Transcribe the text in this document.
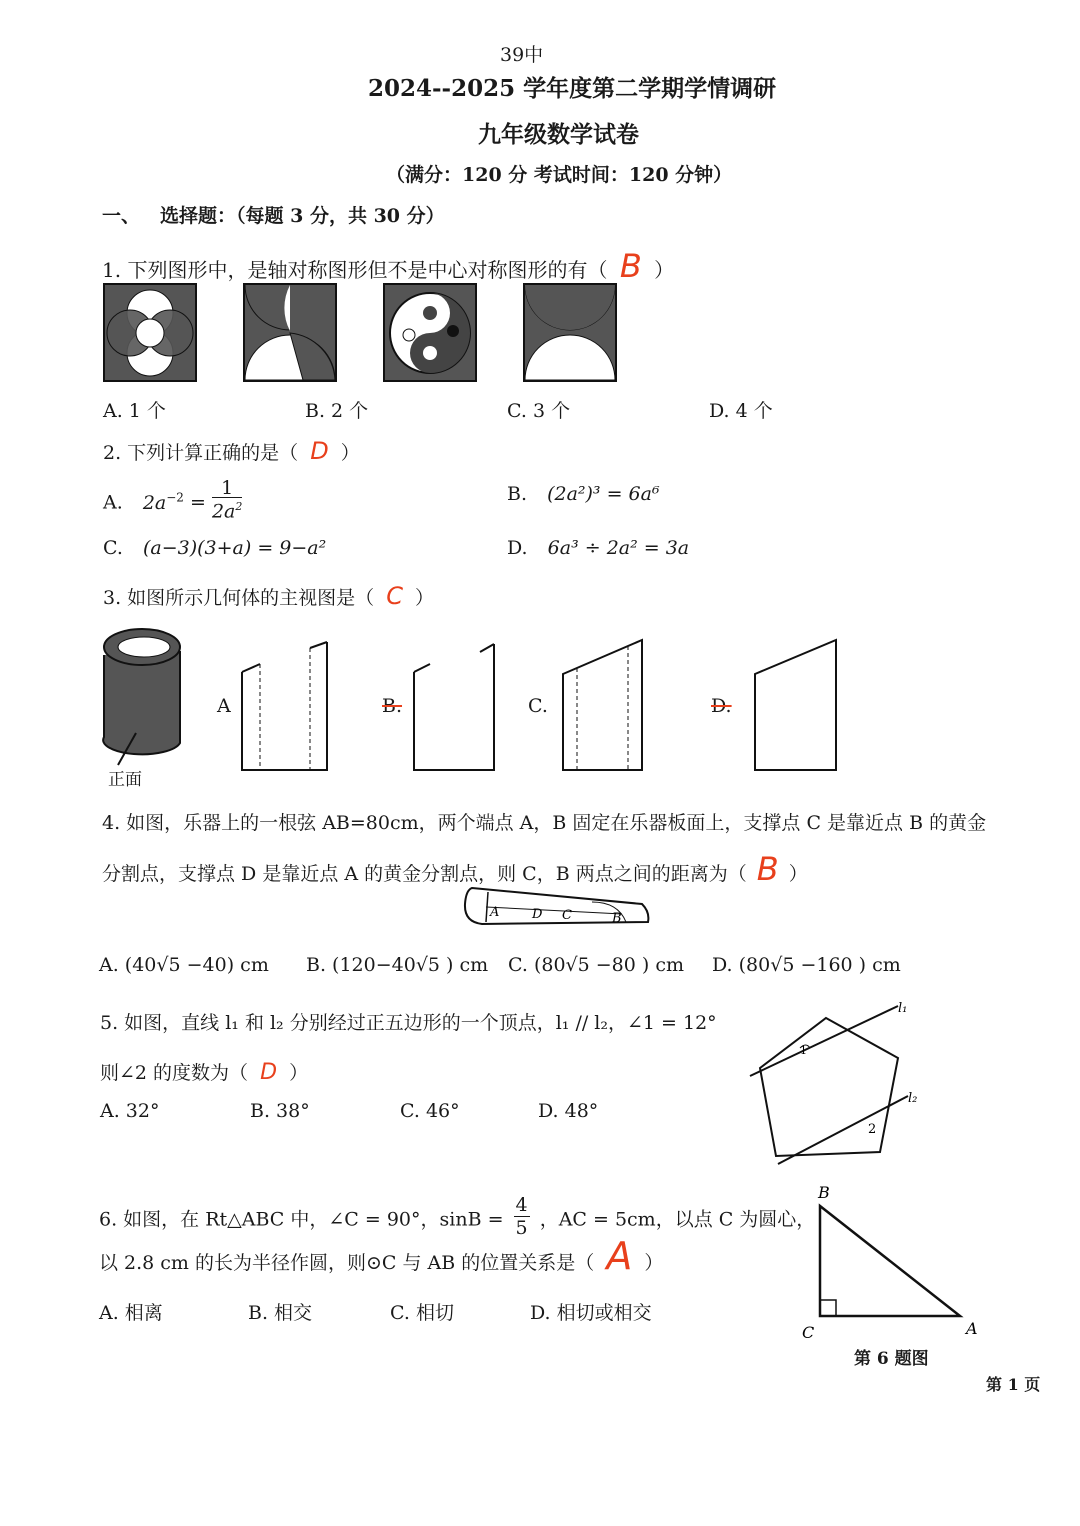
39中
2024--2025 学年度第二学期学情调研
九年级数学试卷
（满分：120 分 考试时间：120 分钟）
一、 选择题：（每题 3 分，共 30 分）
1. 下列图形中，是轴对称图形但不是中心对称图形的有（ B ）
A. 1 个	B. 2 个	C. 3 个	D. 4 个
2. 下列计算正确的是（ D ）
A. $2a^{-2} = \frac{1}{2a^2}$	B. (2a²)³ = 6a⁶
C. (a−3)(3+a) = 9−a²	D. 6a³ ÷ 2a² = 3a
3. 如图所示几何体的主视图是（ C ）
正面
A	B.	C.	D.
4. 如图，乐器上的一根弦 AB=80cm，两个端点 A，B 固定在乐器板面上，支撑点 C 是靠近点 B 的黄金
分割点，支撑点 D 是靠近点 A 的黄金分割点，则 C，B 两点之间的距离为（ B ）
A	D C	B
A. (40√5 −40) cm B. (120−40√5 ) cm C. (80√5 −80 ) cm D. (80√5 −160 ) cm
5. 如图，直线 l₁ 和 l₂ 分别经过正五边形的一个顶点，l₁ // l₂，∠1 = 12°
则∠2 的度数为（ D ）
A. 32°	B. 38°	C. 46°	D. 48°
l₁
l₂
1
2
6. 如图，在 Rt△ABC 中，∠C = 90°，$\sin B = \frac{4}{5}$ ，AC = 5cm，以点 C 为圆心，
以 2.8 cm 的长为半径作圆，则⊙C 与 AB 的位置关系是（ A ）
A. 相离	B. 相交	C. 相切	D. 相切或相交
B
C	A
第 6 题图
第 1 页
